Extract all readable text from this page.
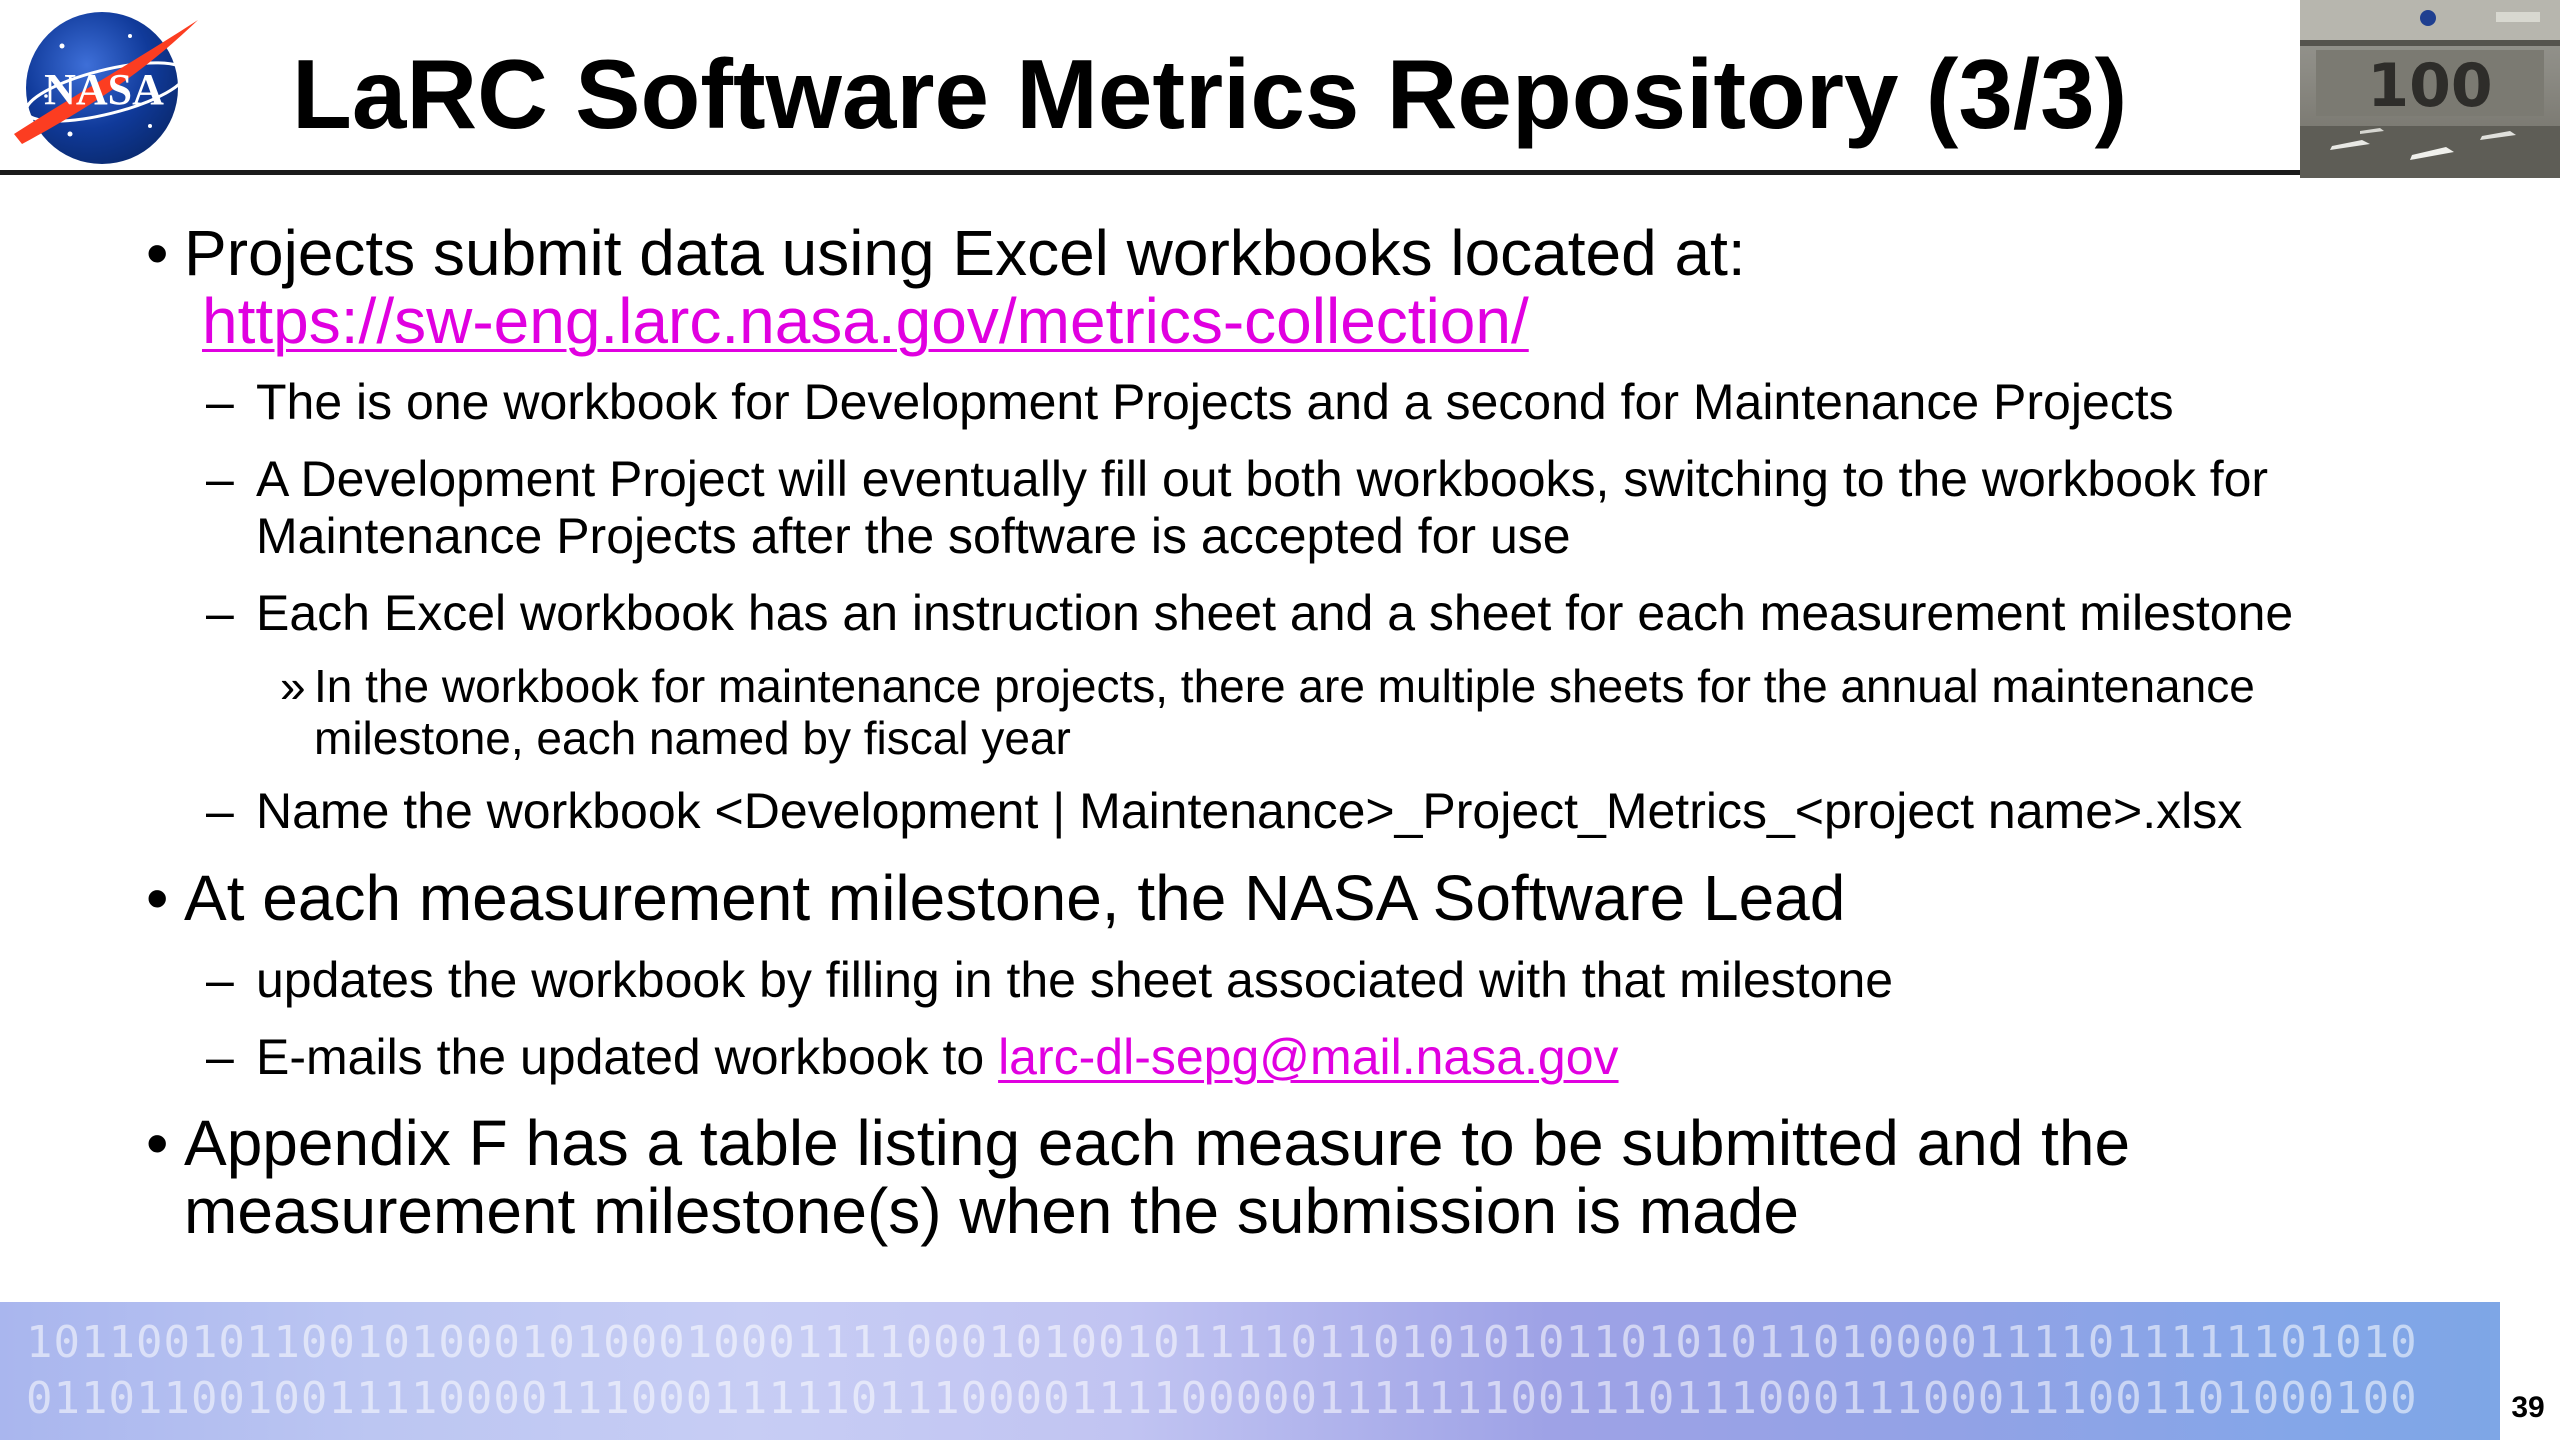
NASA LaRC Software Metrics Repository (3/3)	100
• Projects submit data using Excel workbooks located at:
https://sw-eng.larc.nasa.gov/metrics-collection/
– The is one workbook for Development Projects and a second for Maintenance Projects
– A Development Project will eventually fill out both workbooks, switching to the workbook for
Maintenance Projects after the software is accepted for use
– Each Excel workbook has an instruction sheet and a sheet for each measurement milestone
» In the workbook for maintenance projects, there are multiple sheets for the annual maintenance
milestone, each named by fiscal year
– Name the workbook <Development | Maintenance>_Project_Metrics_<project name>.xlsx
• At each measurement milestone, the NASA Software Lead
– updates the workbook by filling in the sheet associated with that milestone
– E-mails the updated workbook to larc-dl-sepg@mail.nasa.gov
• Appendix F has a table listing each measure to be submitted and the
measurement milestone(s) when the submission is made
101100101100101000101000100011110001010010111101101010101101010110100001111011111101010
011011001001111000011100011111011100001111000001111111001110111000111000111001101000100	39
